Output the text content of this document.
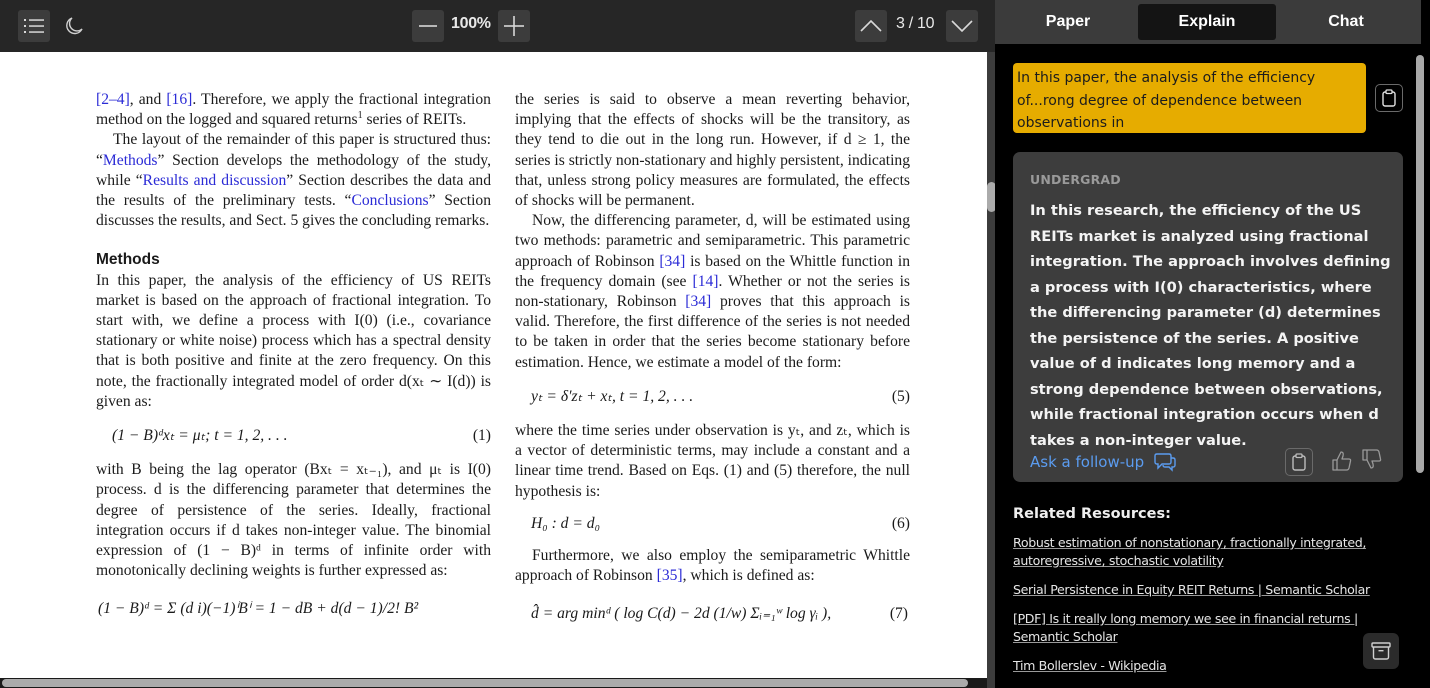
100%	3 / 10

[2–4], and [16]. Therefore, we apply the fractional integration method on the logged and squared returns$^1$ series of REITs.

The layout of the remainder of this paper is structured thus: “Methods” Section develops the methodology of the study, while “Results and discussion” Section describes the data and the results of the preliminary tests. “Conclusions” Section discusses the results, and Sect. 5 gives the concluding remarks.

Methods

In this paper, the analysis of the efficiency of US REITs market is based on the approach of fractional integration. To start with, we define a process with I(0) (i.e., covariance stationary or white noise) process which has a spectral density that is both positive and finite at the zero frequency. On this note, the fractionally integrated model of order d(xₜ ∼ I(d)) is given as:

(1 − B)ᵈxₜ = μₜ; t = 1, 2, . . .	(1)

with B being the lag operator (Bxₜ = xₜ₋₁), and μₜ is I(0) process. d is the differencing parameter that determines the degree of persistence of the series. Ideally, fractional integration occurs if d takes non-integer value. The binomial expression of (1 − B)ᵈ in terms of infinite order with monotonically declining weights is further expressed as:

(1 − B)ᵈ = Σ (d i)(−1)ⁱBⁱ = 1 − dB + d(d − 1)/2! B²

the series is said to observe a mean reverting behavior, implying that the effects of shocks will be the transitory, as they tend to die out in the long run. However, if d ≥ 1, the series is strictly non-stationary and highly persistent, indicating that, unless strong policy measures are formulated, the effects of shocks will be permanent.

Now, the differencing parameter, d, will be estimated using two methods: parametric and semiparametric. This parametric approach of Robinson [34] is based on the Whittle function in the frequency domain (see [14]. Whether or not the series is non-stationary, Robinson [34] proves that this approach is valid. Therefore, the first difference of the series is not needed to be taken in order that the series become stationary before estimation. Hence, we estimate a model of the form:

yₜ = δ′zₜ + xₜ, t = 1, 2, . . .	(5)

where the time series under observation is yₜ, and zₜ, which is a vector of deterministic terms, may include a constant and a linear time trend. Based on Eqs. (1) and (5) therefore, the null hypothesis is:

H₀ : d = d₀	(6)

Furthermore, we also employ the semiparametric Whittle approach of Robinson [35], which is defined as:

d̂ = arg minᵈ ( log C(d) − 2d (1/w) Σᵢ₌₁ʷ log γᵢ ),	(7)
Paper	Explain	Chat
In this paper, the analysis of the efficiency of...rong degree of dependence between observations in
UNDERGRAD
In this research, the efficiency of the US REITs market is analyzed using fractional integration. The approach involves defining a process with I(0) characteristics, where the differencing parameter (d) determines the persistence of the series. A positive value of d indicates long memory and a strong dependence between observations, while fractional integration occurs when d takes a non-integer value.
Ask a follow-up
Related Resources:
Robust estimation of nonstationary, fractionally integrated, autoregressive, stochastic volatility
Serial Persistence in Equity REIT Returns | Semantic Scholar
[PDF] Is it really long memory we see in financial returns | Semantic Scholar
Tim Bollerslev - Wikipedia
